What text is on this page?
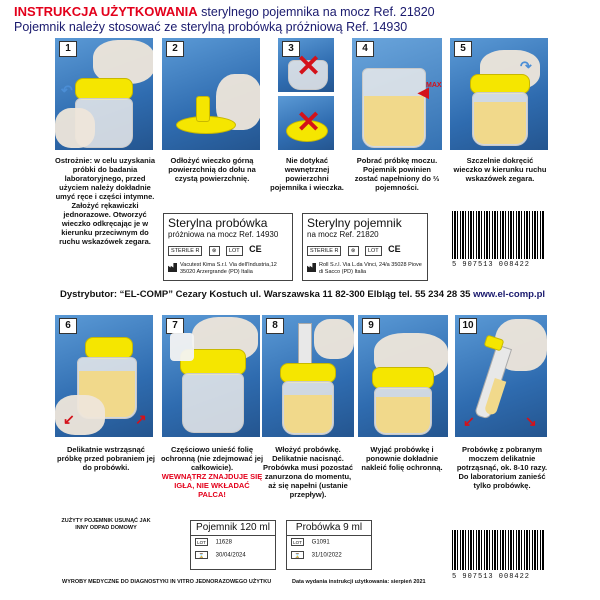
INSTRUKCJA UŻYTKOWANIA sterylnego pojemnika na mocz Ref. 21820
Pojemnik należy stosować ze sterylną probówką próżniową Ref. 14930
1
↶
2	3
✕
✕
4
◀
MAX
5
↷
Ostrożnie: w celu uzyskania próbki do badania laboratoryjnego, przed użyciem należy dokładnie umyć ręce i części intymne. Założyć rękawiczki jednorazowe. Otworzyć wieczko odkręcając je w kierunku przeciwnym do ruchu wskazówek zegara.
Odłożyć wieczko górną powierzchnią do dołu na czystą powierzchnię.
Nie dotykać wewnętrznej powierzchni pojemnika i wieczka.
Pobrać próbkę moczu. Pojemnik powinien zostać napełniony do ⅔ pojemności.
Szczelnie dokręcić wieczko w kierunku ruchu wskazówek zegara.
Sterylna probówka
próżniowa na mocz Ref. 14930
STERILE R ⊗ LOT CE
Vacutest Kima S.r.l. Via dell'Industria,12 35020 Arzergrande (PD) Italia
Sterylny pojemnik
na mocz Ref. 21820
STERILE R ⊗ LOT CE
Roll S.r.l. Via L.da Vinci, 24/a 35028 Piove di Sacco (PD) Italia
5 907513 008422
Dystrybutor: “EL-COMP” Cezary Kostuch ul. Warszawska 11 82-300 Elbląg tel. 55 234 28 35 www.el-comp.pl
6
↙	↗
7	8	9	10
↙	↘
Delikatnie wstrząsnąć próbkę przed pobraniem jej do probówki.
Częściowo unieść folię ochronną (nie zdejmować jej całkowicie).
WEWNĄTRZ ZNAJDUJE SIĘ IGŁA, NIE WKŁADAĆ PALCA!
Włożyć probówkę. Delikatnie nacisnąć. Probówka musi pozostać zanurzona do momentu, aż się napełni (ustanie przepływ).
Wyjąć probówkę i ponownie dokładnie nakleić folię ochronną.
Probówkę z pobranym moczem delikatnie potrząsnąć, ok. 8-10 razy. Do laboratorium zanieść tylko probówkę.
ZUŻYTY POJEMNIK USUNĄĆ JAK INNY ODPAD DOMOWY	Pojemnik 120 ml
LOT 11628
⌛ 30/04/2024
Probówka 9 ml
LOT G1091
⌛ 31/10/2022
5 907513 008422
WYROBY MEDYCZNE DO DIAGNOSTYKI IN VITRO JEDNORAZOWEGO UŻYTKU	Data wydania instrukcji użytkowania: sierpień 2021
